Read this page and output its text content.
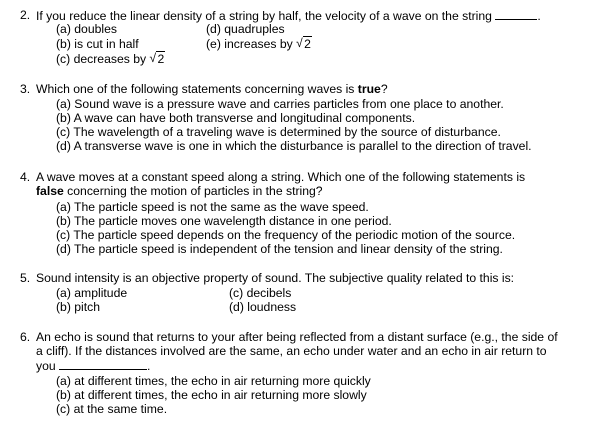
2. If you reduce the linear density of a string by half, the velocity of a wave on the string	.
(a) doubles
(b) is cut in half
(c) decreases by √ 2
(d) quadruples
(e) increases by √ 2
3. Which one of the following statements concerning waves is true?
(a) Sound wave is a pressure wave and carries particles from one place to another.
(b) A wave can have both transverse and longitudinal components.
(c) The wavelength of a traveling wave is determined by the source of disturbance.
(d) A transverse wave is one in which the disturbance is parallel to the direction of travel.
4. A wave moves at a constant speed along a string. Which one of the following statements is
false concerning the motion of particles in the string?
(a) The particle speed is not the same as the wave speed.
(b) The particle moves one wavelength distance in one period.
(c) The particle speed depends on the frequency of the periodic motion of the source.
(d) The particle speed is independent of the tension and linear density of the string.
5. Sound intensity is an objective property of sound. The subjective quality related to this is:
(a) amplitude
(b) pitch
(c) decibels
(d) loudness
6. An echo is sound that returns to your after being reflected from a distant surface (e.g., the side of
a cliff). If the distances involved are the same, an echo under water and an echo in air return to
you	.
(a) at different times, the echo in air returning more quickly
(b) at different times, the echo in air returning more slowly
(c) at the same time.
